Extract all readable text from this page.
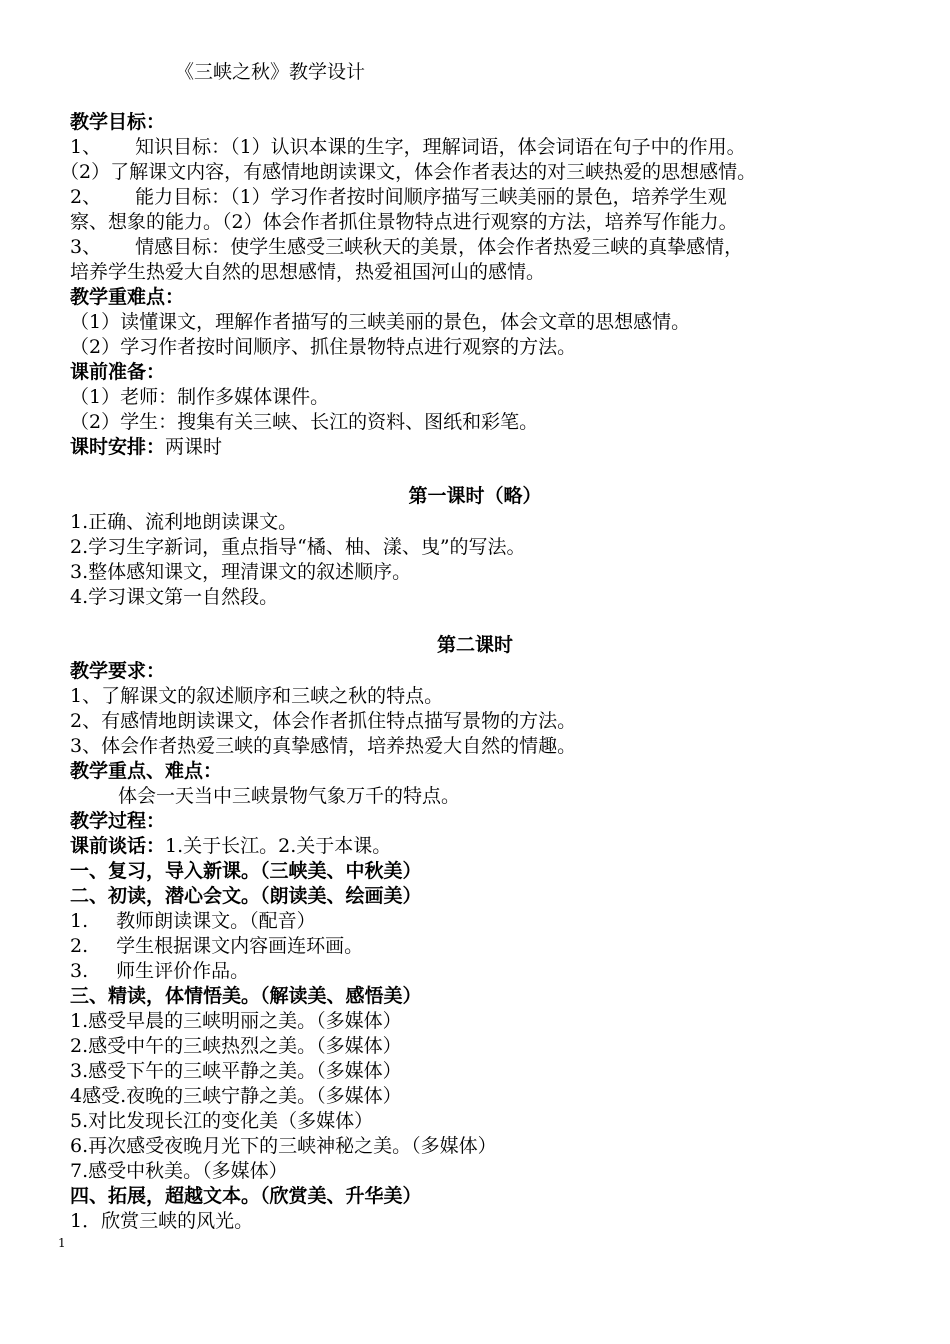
《三峡之秋》教学设计
教学目标：
1、 知识目标：（1）认识本课的生字，理解词语，体会词语在句子中的作用。
（2）了解课文内容，有感情地朗读课文，体会作者表达的对三峡热爱的思想感情。
2、 能力目标：（1）学习作者按时间顺序描写三峡美丽的景色，培养学生观
察、想象的能力。（2）体会作者抓住景物特点进行观察的方法，培养写作能力。
3、 情感目标：使学生感受三峡秋天的美景，体会作者热爱三峡的真挚感情，
培养学生热爱大自然的思想感情，热爱祖国河山的感情。
教学重难点：
（1）读懂课文，理解作者描写的三峡美丽的景色，体会文章的思想感情。
（2）学习作者按时间顺序、抓住景物特点进行观察的方法。
课前准备：
（1）老师：制作多媒体课件。
（2）学生：搜集有关三峡、长江的资料、图纸和彩笔。
课时安排：两课时
第一课时（略）
1.正确、流利地朗读课文。
2.学习生字新词，重点指导“橘、柚、漾、曳”的写法。
3.整体感知课文，理清课文的叙述顺序。
4.学习课文第一自然段。
第二课时
教学要求：
1、了解课文的叙述顺序和三峡之秋的特点。
2、有感情地朗读课文，体会作者抓住特点描写景物的方法。
3、体会作者热爱三峡的真挚感情，培养热爱大自然的情趣。
教学重点、难点：
体会一天当中三峡景物气象万千的特点。
教学过程：
课前谈话：1.关于长江。2.关于本课。
一、复习，导入新课。（三峡美、中秋美）
二、初读，潜心会文。（朗读美、绘画美）
1. 教师朗读课文。（配音）
2. 学生根据课文内容画连环画。
3. 师生评价作品。
三、精读，体情悟美。（解读美、感悟美）
1.感受早晨的三峡明丽之美。（多媒体）
2.感受中午的三峡热烈之美。（多媒体）
3.感受下午的三峡平静之美。（多媒体）
4感受.夜晚的三峡宁静之美。（多媒体）
5.对比发现长江的变化美（多媒体）
6.再次感受夜晚月光下的三峡神秘之美。（多媒体）
7.感受中秋美。（多媒体）
四、拓展，超越文本。（欣赏美、升华美）
1．欣赏三峡的风光。
1
